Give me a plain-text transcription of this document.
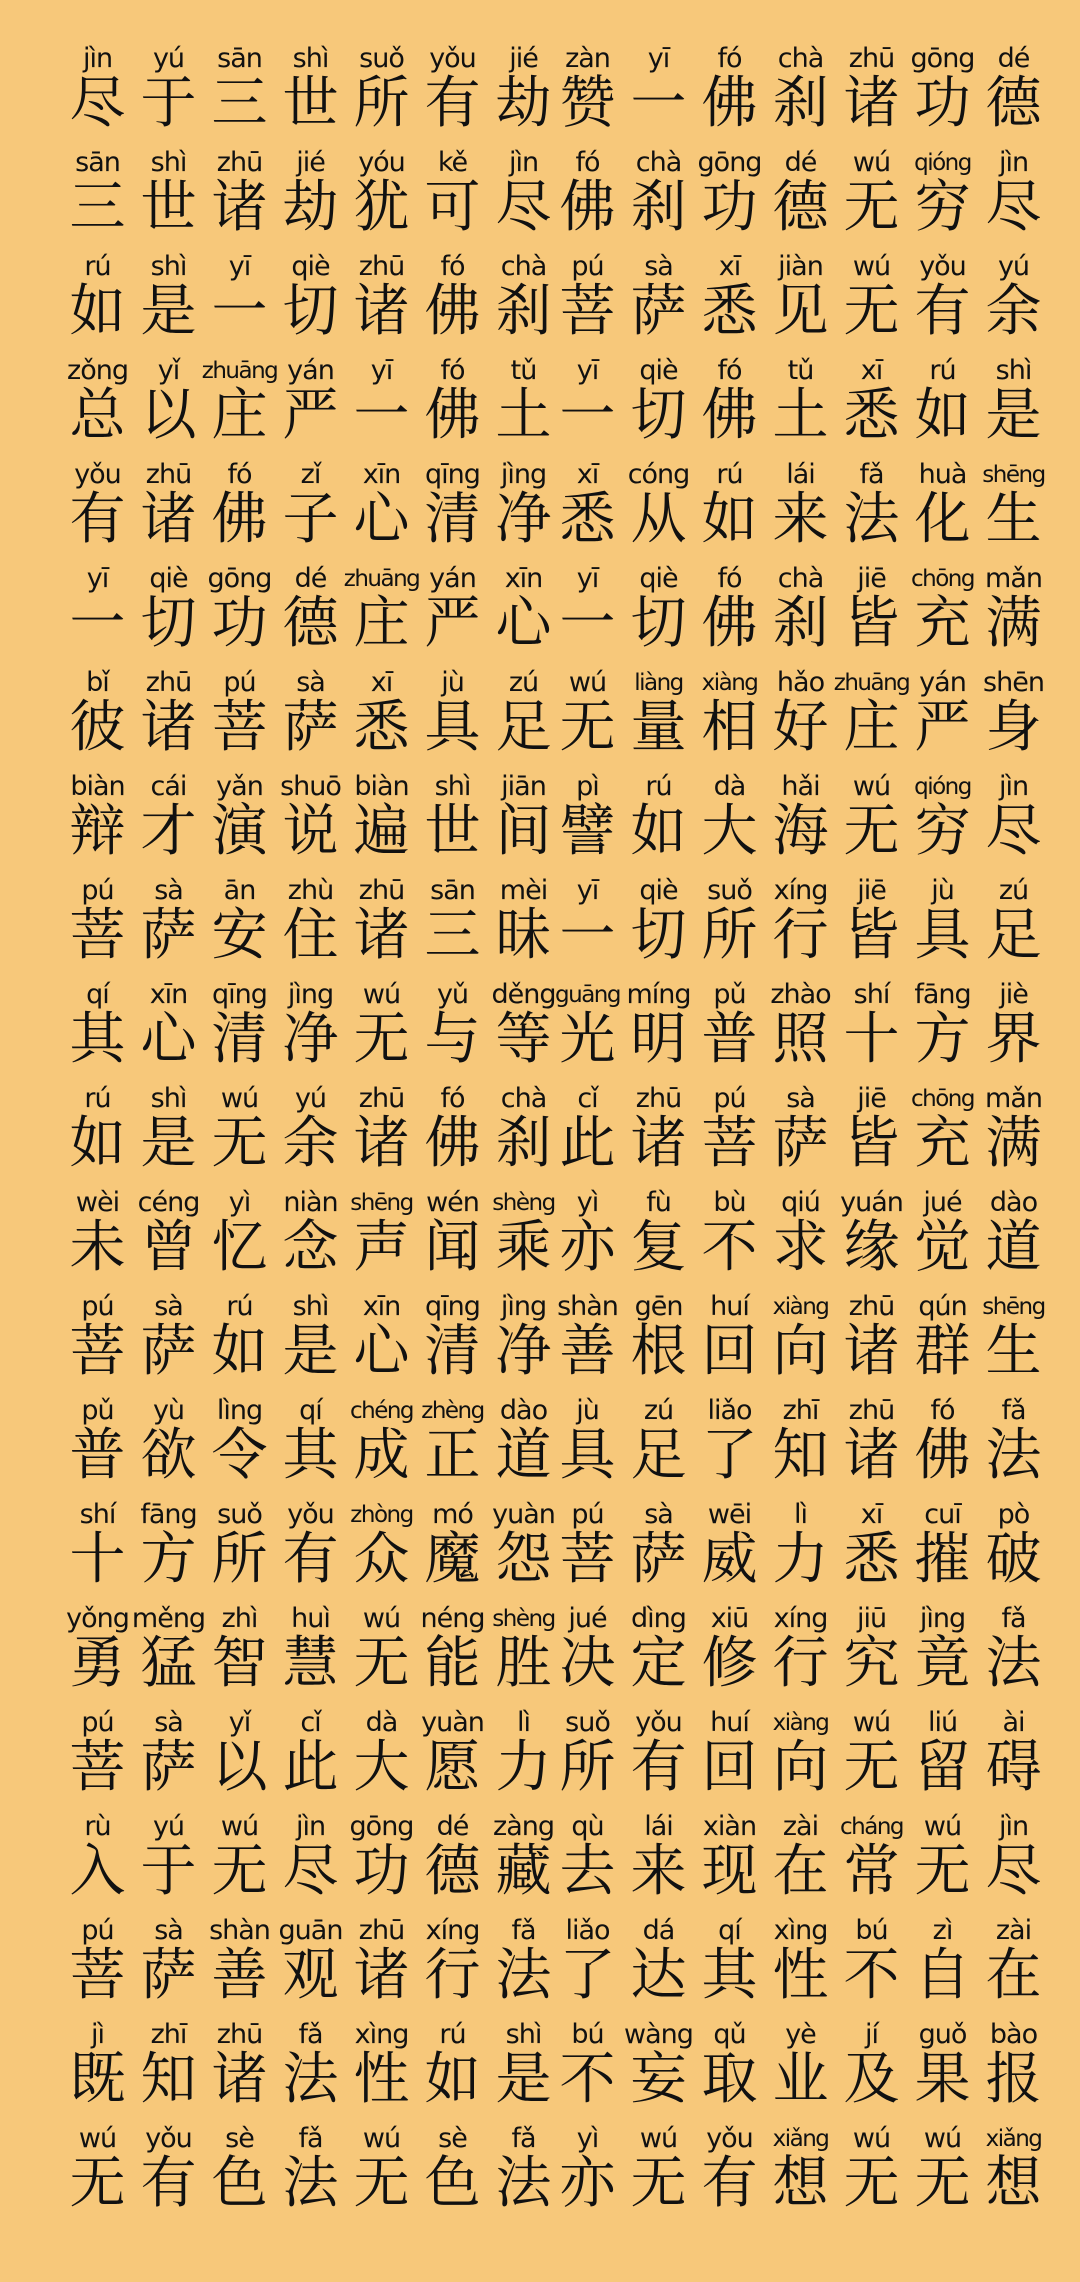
jìn
尽
yú
于
sān
三
shì
世
suǒ
所
yǒu
有
jié
劫
zàn
赞
yī
一
fó
佛
chà
刹
zhū
诸
gōng
功
dé
德
sān
三
shì
世
zhū
诸
jié
劫
yóu
犹
kě
可
jìn
尽
fó
佛
chà
刹
gōng
功
dé
德
wú
无
qióng
穷
jìn
尽
rú
如
shì
是
yī
一
qiè
切
zhū
诸
fó
佛
chà
刹
pú
菩
sà
萨
xī
悉
jiàn
见
wú
无
yǒu
有
yú
余
zǒng
总
yǐ
以
zhuāng
庄
yán
严
yī
一
fó
佛
tǔ
土
yī
一
qiè
切
fó
佛
tǔ
土
xī
悉
rú
如
shì
是
yǒu
有
zhū
诸
fó
佛
zǐ
子
xīn
心
qīng
清
jìng
净
xī
悉
cóng
从
rú
如
lái
来
fǎ
法
huà
化
shēng
生
yī
一
qiè
切
gōng
功
dé
德
zhuāng
庄
yán
严
xīn
心
yī
一
qiè
切
fó
佛
chà
刹
jiē
皆
chōng
充
mǎn
满
bǐ
彼
zhū
诸
pú
菩
sà
萨
xī
悉
jù
具
zú
足
wú
无
liàng
量
xiàng
相
hǎo
好
zhuāng
庄
yán
严
shēn
身
biàn
辩
cái
才
yǎn
演
shuō
说
biàn
遍
shì
世
jiān
间
pì
譬
rú
如
dà
大
hǎi
海
wú
无
qióng
穷
jìn
尽
pú
菩
sà
萨
ān
安
zhù
住
zhū
诸
sān
三
mèi
昧
yī
一
qiè
切
suǒ
所
xíng
行
jiē
皆
jù
具
zú
足
qí
其
xīn
心
qīng
清
jìng
净
wú
无
yǔ
与
děng
等
guāng
光
míng
明
pǔ
普
zhào
照
shí
十
fāng
方
jiè
界
rú
如
shì
是
wú
无
yú
余
zhū
诸
fó
佛
chà
刹
cǐ
此
zhū
诸
pú
菩
sà
萨
jiē
皆
chōng
充
mǎn
满
wèi
未
céng
曾
yì
忆
niàn
念
shēng
声
wén
闻
shèng
乘
yì
亦
fù
复
bù
不
qiú
求
yuán
缘
jué
觉
dào
道
pú
菩
sà
萨
rú
如
shì
是
xīn
心
qīng
清
jìng
净
shàn
善
gēn
根
huí
回
xiàng
向
zhū
诸
qún
群
shēng
生
pǔ
普
yù
欲
lìng
令
qí
其
chéng
成
zhèng
正
dào
道
jù
具
zú
足
liǎo
了
zhī
知
zhū
诸
fó
佛
fǎ
法
shí
十
fāng
方
suǒ
所
yǒu
有
zhòng
众
mó
魔
yuàn
怨
pú
菩
sà
萨
wēi
威
lì
力
xī
悉
cuī
摧
pò
破
yǒng
勇
měng
猛
zhì
智
huì
慧
wú
无
néng
能
shèng
胜
jué
决
dìng
定
xiū
修
xíng
行
jiū
究
jìng
竟
fǎ
法
pú
菩
sà
萨
yǐ
以
cǐ
此
dà
大
yuàn
愿
lì
力
suǒ
所
yǒu
有
huí
回
xiàng
向
wú
无
liú
留
ài
碍
rù
入
yú
于
wú
无
jìn
尽
gōng
功
dé
德
zàng
藏
qù
去
lái
来
xiàn
现
zài
在
cháng
常
wú
无
jìn
尽
pú
菩
sà
萨
shàn
善
guān
观
zhū
诸
xíng
行
fǎ
法
liǎo
了
dá
达
qí
其
xìng
性
bú
不
zì
自
zài
在
jì
既
zhī
知
zhū
诸
fǎ
法
xìng
性
rú
如
shì
是
bú
不
wàng
妄
qǔ
取
yè
业
jí
及
guǒ
果
bào
报
wú
无
yǒu
有
sè
色
fǎ
法
wú
无
sè
色
fǎ
法
yì
亦
wú
无
yǒu
有
xiǎng
想
wú
无
wú
无
xiǎng
想
